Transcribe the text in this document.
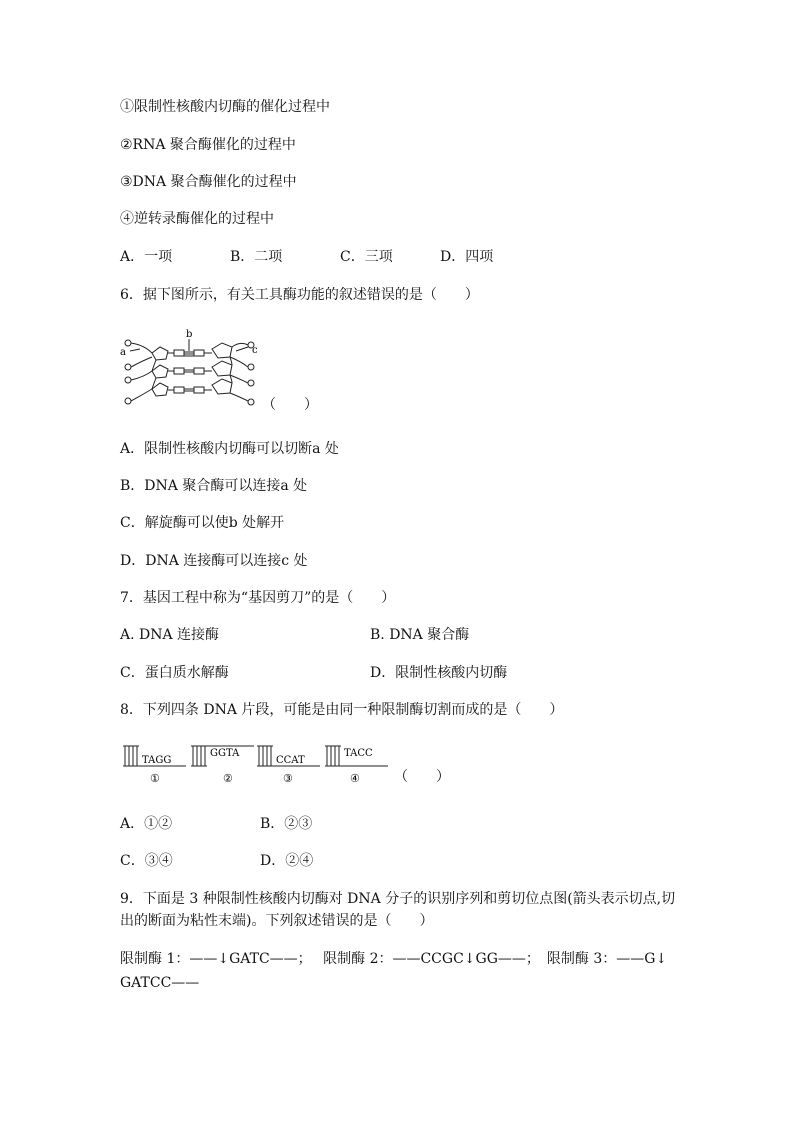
①限制性核酸内切酶的催化过程中
②RNA 聚合酶催化的过程中
③DNA 聚合酶催化的过程中
④逆转录酶催化的过程中
A．一项	B．二项	C．三项	D．四项
6．据下图所示，有关工具酶功能的叙述错误的是（　　）
a
b
c
（　　）
A．限制性核酸内切酶可以切断a 处
B．DNA 聚合酶可以连接a 处
C．解旋酶可以使b 处解开
D．DNA 连接酶可以连接c 处
7．基因工程中称为“基因剪刀”的是（　　）
A. DNA 连接酶	B. DNA 聚合酶
C．蛋白质水解酶	D．限制性核酸内切酶
8．下列四条 DNA 片段，可能是由同一种限制酶切割而成的是（　　）
TAGG
①
GGTA
②
CCAT
③
TACC
④ （　　）
A．①②	B．②③
C．③④	D．②④
9．下面是 3 种限制性核酸内切酶对 DNA 分子的识别序列和剪切位点图(箭头表示切点,切出的断面为粘性末端)。下列叙述错误的是（　　）
限制酶 1：——↓GATC——；　 限制酶 2：——CCGC↓GG——；　限制酶 3：——G↓
GATCC——
